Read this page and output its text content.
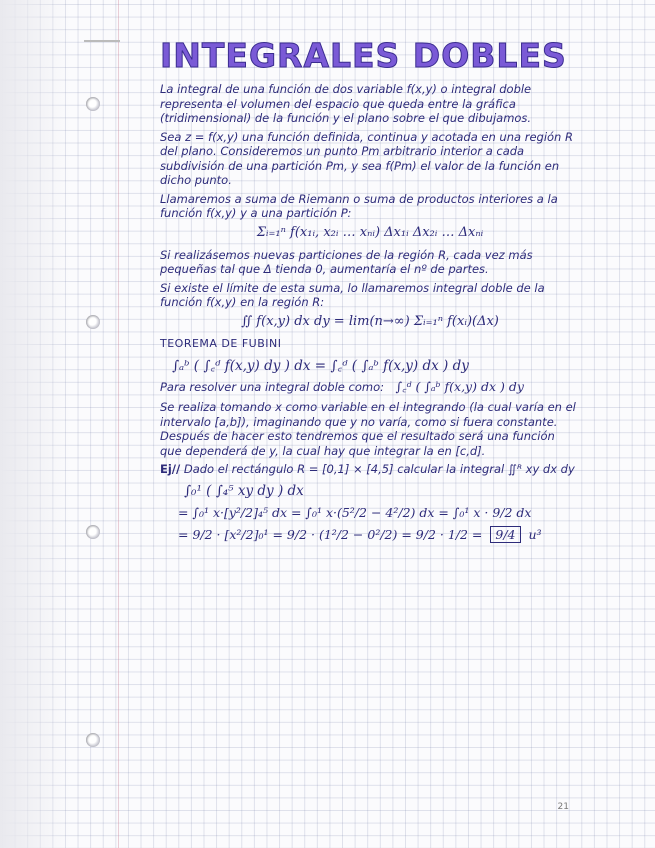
INTEGRALES DOBLES

La integral de una función de dos variable f(x,y) o integral doble representa el volumen del espacio que queda entre la gráfica (tridimensional) de la función y el plano sobre el que dibujamos.

Sea z = f(x,y) una función definida, continua y acotada en una región R del plano. Consideremos un punto Pm arbitrario interior a cada subdivisión de una partición Pm, y sea f(Pm) el valor de la función en dicho punto.

Llamaremos a suma de Riemann o suma de productos interiores a la función f(x,y) y a una partición P:

Σᵢ₌₁ⁿ f(x₁ᵢ, x₂ᵢ … xₙᵢ) Δx₁ᵢ Δx₂ᵢ … Δxₙᵢ

Si realizásemos nuevas particiones de la región R, cada vez más pequeñas tal que Δ tienda 0, aumentaría el nº de partes.

Si existe el límite de esta suma, lo llamaremos integral doble de la función f(x,y) en la región R:

∬ f(x,y) dx dy = lim(n→∞) Σᵢ₌₁ⁿ f(xᵢ)(Δx)
TEOREMA DE FUBINI
∫ₐᵇ ( ∫꜀ᵈ f(x,y) dy ) dx = ∫꜀ᵈ ( ∫ₐᵇ f(x,y) dx ) dy

Para resolver una integral doble como: ∫꜀ᵈ ( ∫ₐᵇ f(x,y) dx ) dy

Se realiza tomando x como variable en el integrando (la cual varía en el intervalo [a,b]), imaginando que y no varía, como si fuera constante. Después de hacer esto tendremos que el resultado será una función que dependerá de y, la cual hay que integrar la en [c,d].

Ej// Dado el rectángulo R = [0,1] × [4,5] calcular la integral ∬ᴿ xy dx dy

∫₀¹ ( ∫₄⁵ xy dy ) dx
= ∫₀¹ x·[y²/2]₄⁵ dx = ∫₀¹ x·(5²/2 − 4²/2) dx = ∫₀¹ x · 9/2 dx
= 9/2 · [x²/2]₀¹ = 9/2 · (1²/2 − 0²/2) = 9/2 · 1/2 = 9/4 u³
21
